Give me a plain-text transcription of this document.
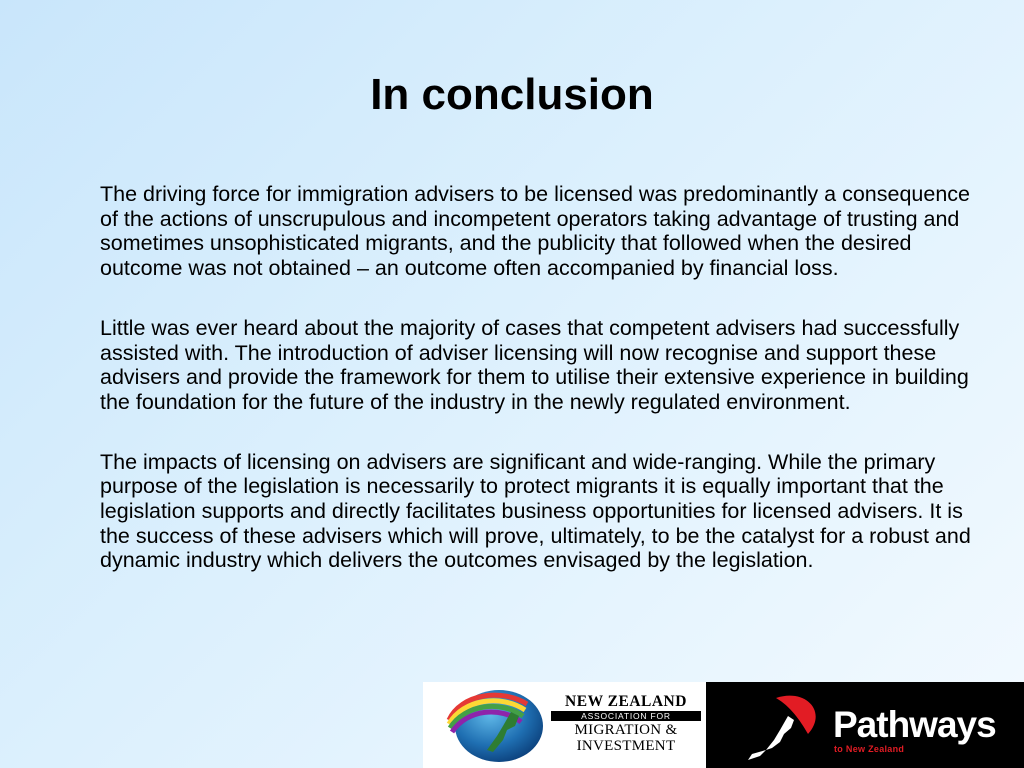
In conclusion

The driving force for immigration advisers to be licensed was predominantly a consequence of the actions of unscrupulous and incompetent operators taking advantage of trusting and sometimes unsophisticated migrants, and the publicity that followed when the desired outcome was not obtained – an outcome often accompanied by financial loss.

Little was ever heard about the majority of cases that competent advisers had successfully assisted with. The introduction of adviser licensing will now recognise and support these advisers and provide the framework for them to utilise their extensive experience in building the foundation for the future of the industry in the newly regulated environment.

The impacts of licensing on advisers are significant and wide-ranging. While the primary purpose of the legislation is necessarily to protect migrants it is equally important that the legislation supports and directly facilitates business opportunities for licensed advisers. It is the success of these advisers which will prove, ultimately, to be the catalyst for a robust and dynamic industry which delivers the outcomes envisaged by the legislation.

NEW ZEALAND
ASSOCIATION FOR
MIGRATION &
INVESTMENT
Pathways
to New Zealand
